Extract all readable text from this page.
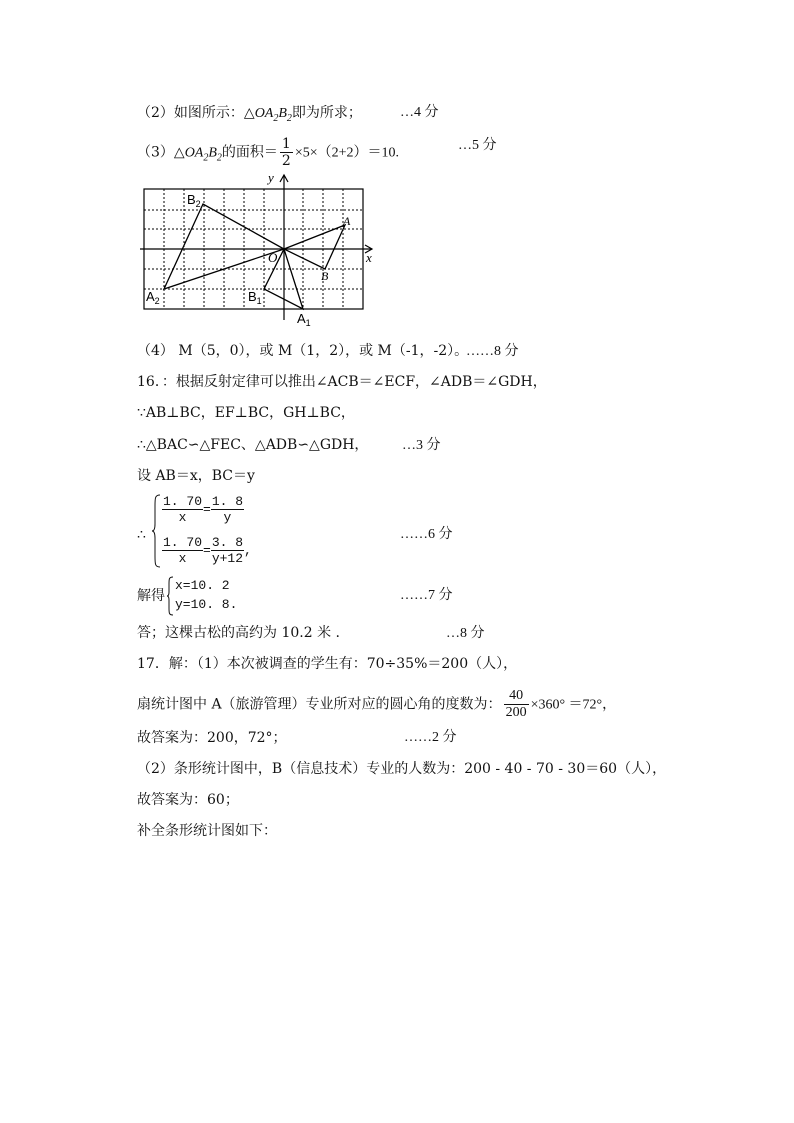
（2）如图所示：$\triangle OA_2B_2$即为所求；	…4 分
$(3)\triangle OA_2B_2$的面积＝ $\frac{1}{2} \times 5\times(2+2)=10$.	…5 分
x
y
O
A
B
$A_1$
$B_1$
$A_2$
$B_2$
（4） M（5，0），或 M（1，2），或 M（-1，-2）。
……8 分
16．：根据反射定律可以推出∠ACB＝∠ECF，∠ADB＝∠GDH，
∵AB⊥BC，EF⊥BC，GH⊥BC，
∴△BAC∽△FEC、△ADB∽△GDH， …3 分
设 AB＝x，BC＝y
∴
$\frac{1. 70}{x} = \frac{1. 8}{y}$
$\frac{1. 70}{x} = \frac{3. 8}{y+12}$ ,
……6 分
解得
x=10. 2
y=10. 8.
……7 分
答；这棵古松的高约为 10.2 米 .	…8 分
17．解：（1）本次被调查的学生有：70÷35%＝200（人），
扇统计图中 A（旅游管理）专业所对应的圆心角的度数为： $\frac{40}{200} \times 360^\circ =72^\circ$，
故答案为：200，72°；	……2 分
（2）条形统计图中，B（信息技术）专业的人数为：200 - 40 - 70 - 30＝60（人），
故答案为：60；
补全条形统计图如下：
